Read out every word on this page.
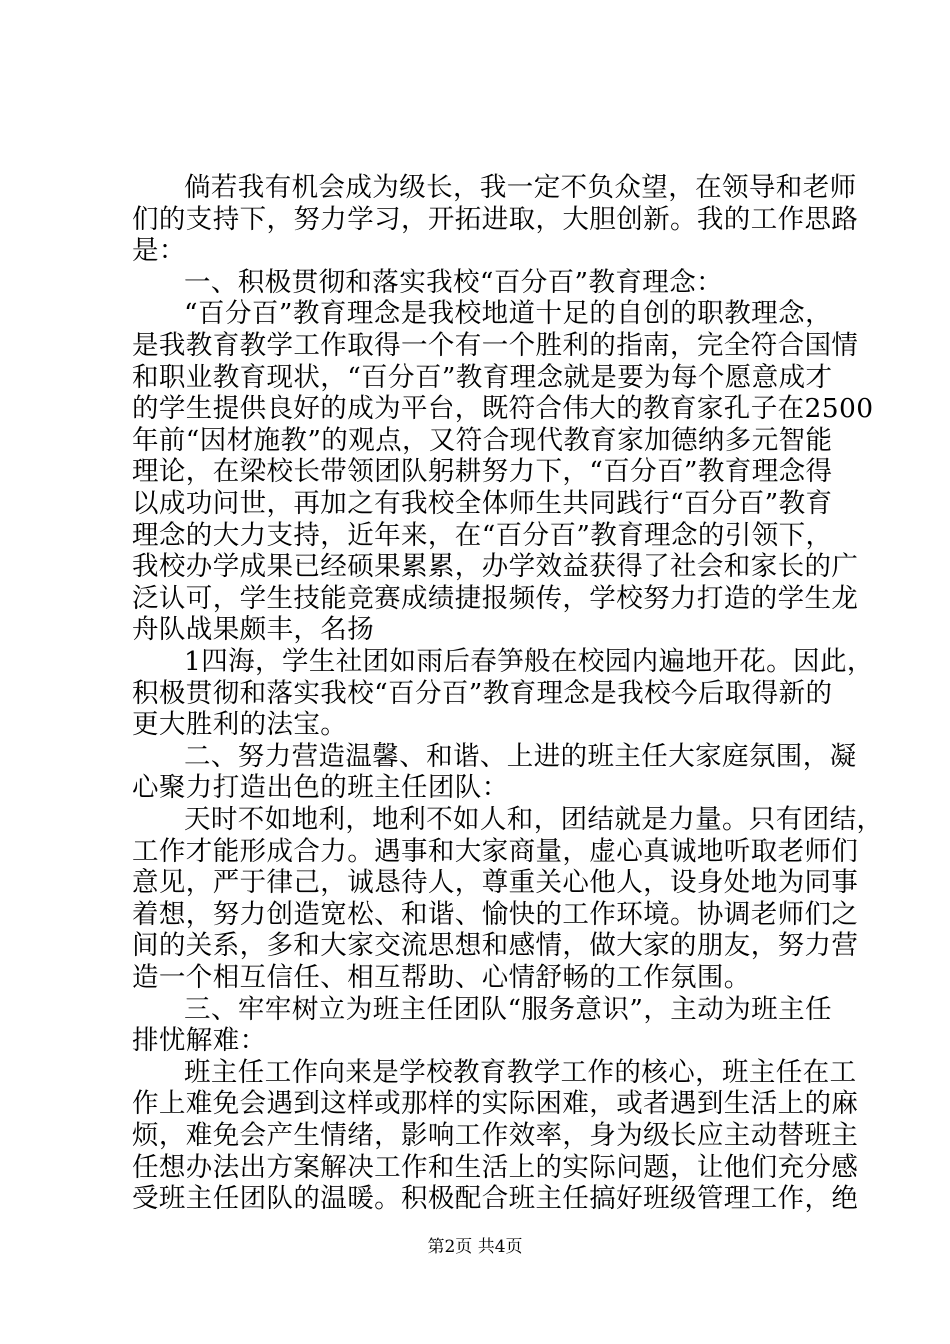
倘若我有机会成为级长，我一定不负众望，在领导和老师
们的支持下，努力学习，开拓进取，大胆创新。我的工作思路
是：
一、积极贯彻和落实我校“百分百”教育理念：
“百分百”教育理念是我校地道十足的自创的职教理念，
是我教育教学工作取得一个有一个胜利的指南，完全符合国情
和职业教育现状，“百分百”教育理念就是要为每个愿意成才
的学生提供良好的成为平台，既符合伟大的教育家孔子在2500
年前“因材施教”的观点，又符合现代教育家加德纳多元智能
理论，在梁校长带领团队躬耕努力下，“百分百”教育理念得
以成功问世，再加之有我校全体师生共同践行“百分百”教育
理念的大力支持，近年来，在“百分百”教育理念的引领下，
我校办学成果已经硕果累累，办学效益获得了社会和家长的广
泛认可，学生技能竞赛成绩捷报频传，学校努力打造的学生龙
舟队战果颇丰，名扬
1四海，学生社团如雨后春笋般在校园内遍地开花。因此，
积极贯彻和落实我校“百分百”教育理念是我校今后取得新的
更大胜利的法宝。
二、努力营造温馨、和谐、上进的班主任大家庭氛围，凝
心聚力打造出色的班主任团队：
天时不如地利，地利不如人和，团结就是力量。只有团结，
工作才能形成合力。遇事和大家商量，虚心真诚地听取老师们
意见，严于律己，诚恳待人，尊重关心他人，设身处地为同事
着想，努力创造宽松、和谐、愉快的工作环境。协调老师们之
间的关系，多和大家交流思想和感情，做大家的朋友，努力营
造一个相互信任、相互帮助、心情舒畅的工作氛围。
三、牢牢树立为班主任团队“服务意识”，主动为班主任
排忧解难：
班主任工作向来是学校教育教学工作的核心，班主任在工
作上难免会遇到这样或那样的实际困难，或者遇到生活上的麻
烦，难免会产生情绪，影响工作效率，身为级长应主动替班主
任想办法出方案解决工作和生活上的实际问题，让他们充分感
受班主任团队的温暖。积极配合班主任搞好班级管理工作，绝
第2页 共4页
